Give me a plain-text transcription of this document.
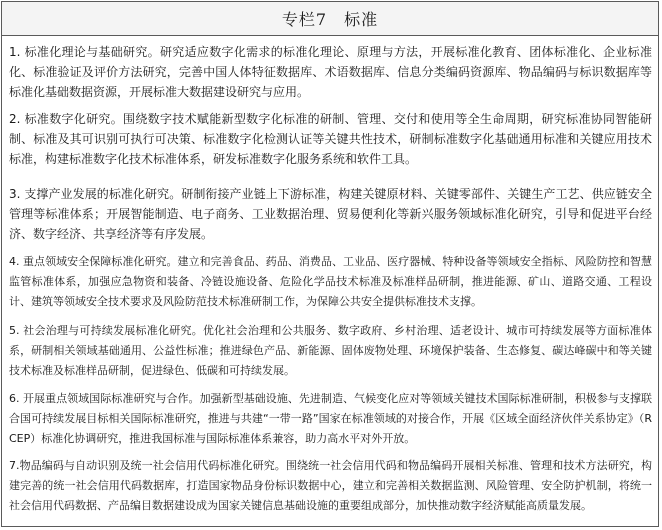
专栏7　标准
1. 标准化理论与基础研究。研究适应数字化需求的标准化理论、原理与方法，开展标准化教育、团体标准化、企业标准化、标准验证及评价方法研究，完善中国人体特征数据库、术语数据库、信息分类编码资源库、物品编码与标识数据库等标准化基础数据资源，开展标准大数据建设研究与应用。
2. 标准数字化研究。围绕数字技术赋能新型数字化标准的研制、管理、交付和使用等全生命周期，研究标准协同智能研制、标准及其可识别可执行可决策、标准数字化检测认证等关键共性技术，研制标准数字化基础通用标准和关键应用技术标准，构建标准数字化技术标准体系，研发标准数字化服务系统和软件工具。
3. 支撑产业发展的标准化研究。研制衔接产业链上下游标准，构建关键原材料、关键零部件、关键生产工艺、供应链安全管理等标准体系；开展智能制造、电子商务、工业数据治理、贸易便利化等新兴服务领域标准化研究，引导和促进平台经济、数字经济、共享经济等有序发展。
4. 重点领域安全保障标准化研究。建立和完善食品、药品、消费品、工业品、医疗器械、特种设备等领域安全指标、风险防控和智慧监管标准体系，加强应急物资和装备、冷链设施设备、危险化学品技术标准及标准样品研制，推进能源、矿山、道路交通、工程设计、建筑等领域安全技术要求及风险防范技术标准研制工作，为保障公共安全提供标准技术支撑。
5. 社会治理与可持续发展标准化研究。优化社会治理和公共服务、数字政府、乡村治理、适老设计、城市可持续发展等方面标准体系，研制相关领域基础通用、公益性标准；推进绿色产品、新能源、固体废物处理、环境保护装备、生态修复、碳达峰碳中和等关键技术标准及标准样品研制，促进绿色、低碳和可持续发展。
6. 开展重点领域国际标准研究与合作。加强新型基础设施、先进制造、气候变化应对等领域关键技术国际标准研制，积极参与支撑联合国可持续发展目标相关国际标准研究，推进与共建“一带一路”国家在标准领域的对接合作，开展《区域全面经济伙伴关系协定》（RCEP）标准化协调研究，推进我国标准与国际标准体系兼容，助力高水平对外开放。
7.物品编码与自动识别及统一社会信用代码标准化研究。围绕统一社会信用代码和物品编码开展相关标准、管理和技术方法研究，构建完善的统一社会信用代码数据库，打造国家物品身份标识数据中心，建立和完善相关数据监测、风险管理、安全防护机制，将统一社会信用代码数据、产品编目数据建设成为国家关键信息基础设施的重要组成部分，加快推动数字经济赋能高质量发展。
